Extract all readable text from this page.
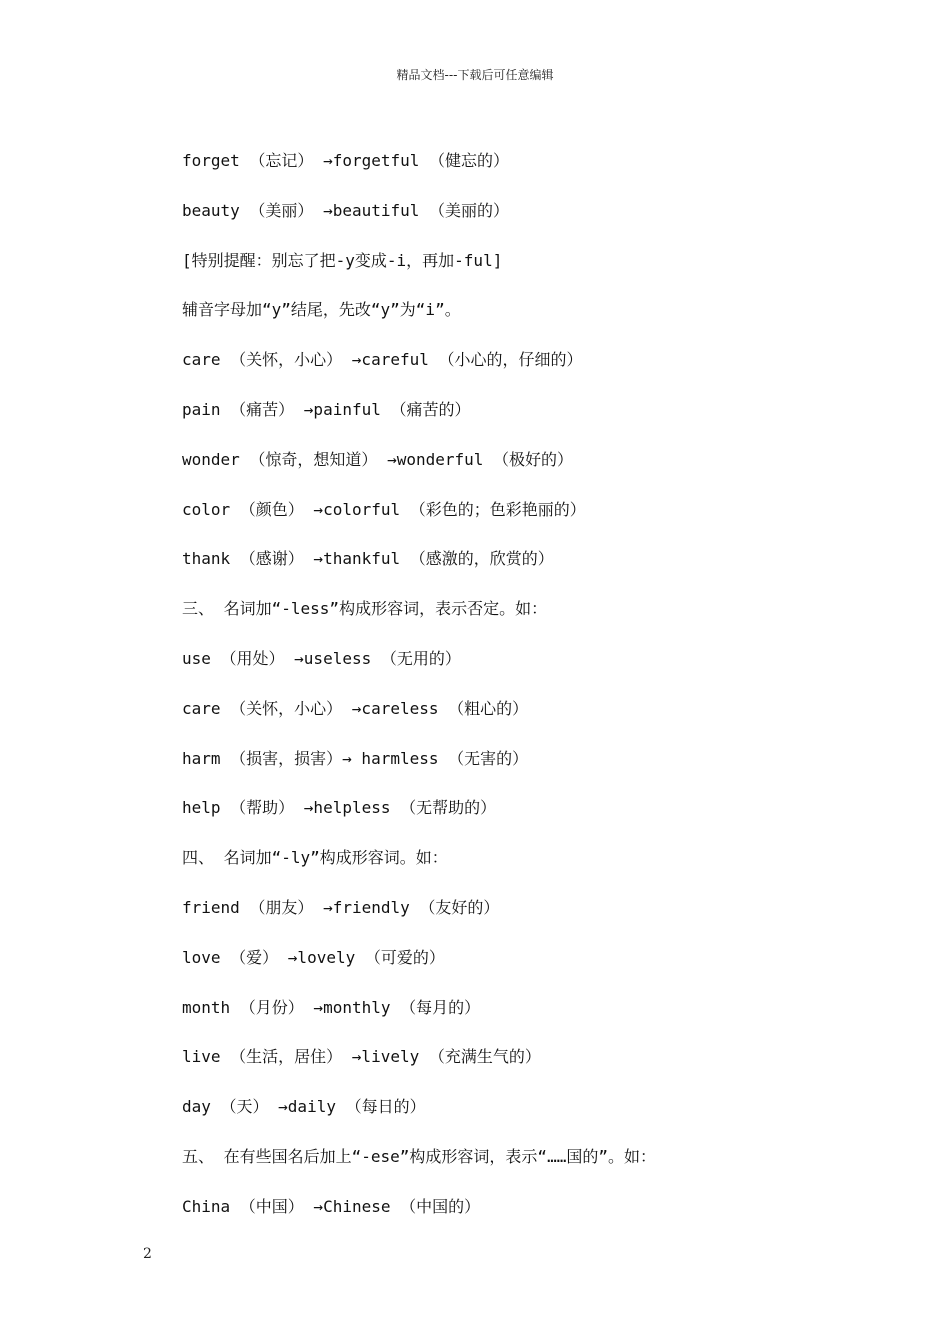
精品文档---下载后可任意编辑
forget （忘记） →forgetful （健忘的）
beauty （美丽） →beautiful （美丽的）
[特别提醒：别忘了把-y变成-i，再加-ful]
辅音字母加“y”结尾，先改“y”为“i”。
care （关怀，小心） →careful （小心的，仔细的）
pain （痛苦） →painful （痛苦的）
wonder （惊奇，想知道） →wonderful （极好的）
color （颜色） →colorful （彩色的；色彩艳丽的）
thank （感谢） →thankful （感激的，欣赏的）
三、 名词加“-less”构成形容词，表示否定。如：
use （用处） →useless （无用的）
care （关怀，小心） →careless （粗心的）
harm （损害，损害）→ harmless （无害的）
help （帮助） →helpless （无帮助的）
四、 名词加“-ly”构成形容词。如：
friend （朋友） →friendly （友好的）
love （爱） →lovely （可爱的）
month （月份） →monthly （每月的）
live （生活，居住） →lively （充满生气的）
day （天） →daily （每日的）
五、 在有些国名后加上“-ese”构成形容词，表示“……国的”。如：
China （中国） →Chinese （中国的）
2
